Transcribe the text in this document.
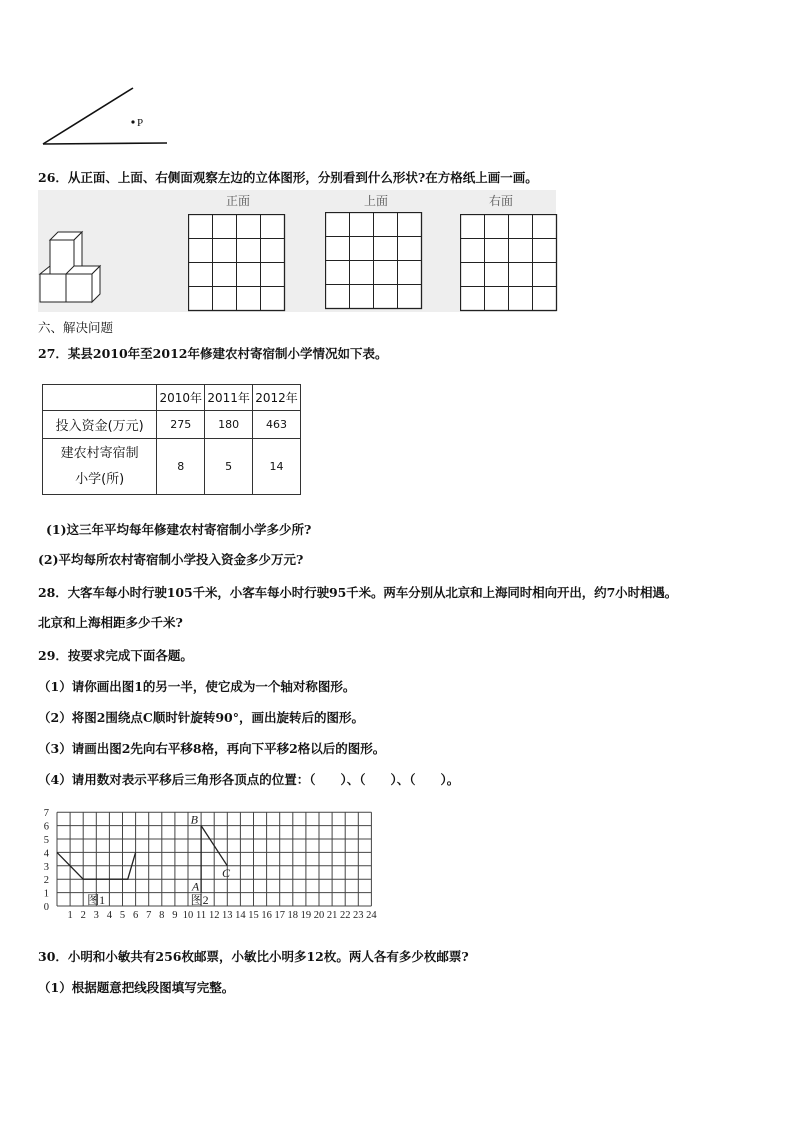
P
26．从正面、上面、右侧面观察左边的立体图形，分别看到什么形状?在方格纸上画一画。
正面	上面	右面
六、解决问题
27．某县2010年至2012年修建农村寄宿制小学情况如下表。
	2010年	2011年	2012年
投入资金(万元)	275	180	463

建农村寄宿制
小学(所)	8	5	14
(1)这三年平均每年修建农村寄宿制小学多少所?
(2)平均每所农村寄宿制小学投入资金多少万元?
28．大客车每小时行驶105千米，小客车每小时行驶95千米。两车分别从北京和上海同时相向开出，约7小时相遇。
北京和上海相距多少千米?
29．按要求完成下面各题。
（1）请你画出图1的另一半，使它成为一个轴对称图形。
（2）将图2围绕点C顺时针旋转90°，画出旋转后的图形。
（3）请画出图2先向右平移8格，再向下平移2格以后的图形。
（4）请用数对表示平移后三角形各顶点的位置：（　　）、（　　）、（　　）。
1 2 3 4 5 6 7 8 9 10 11 12 13 14 15 16 17 18 19 20 21 22 23 24
0
1
2
3
4
5
6
7
图1	图2
A
B
C
30．小明和小敏共有256枚邮票，小敏比小明多12枚。两人各有多少枚邮票?
（1）根据题意把线段图填写完整。
